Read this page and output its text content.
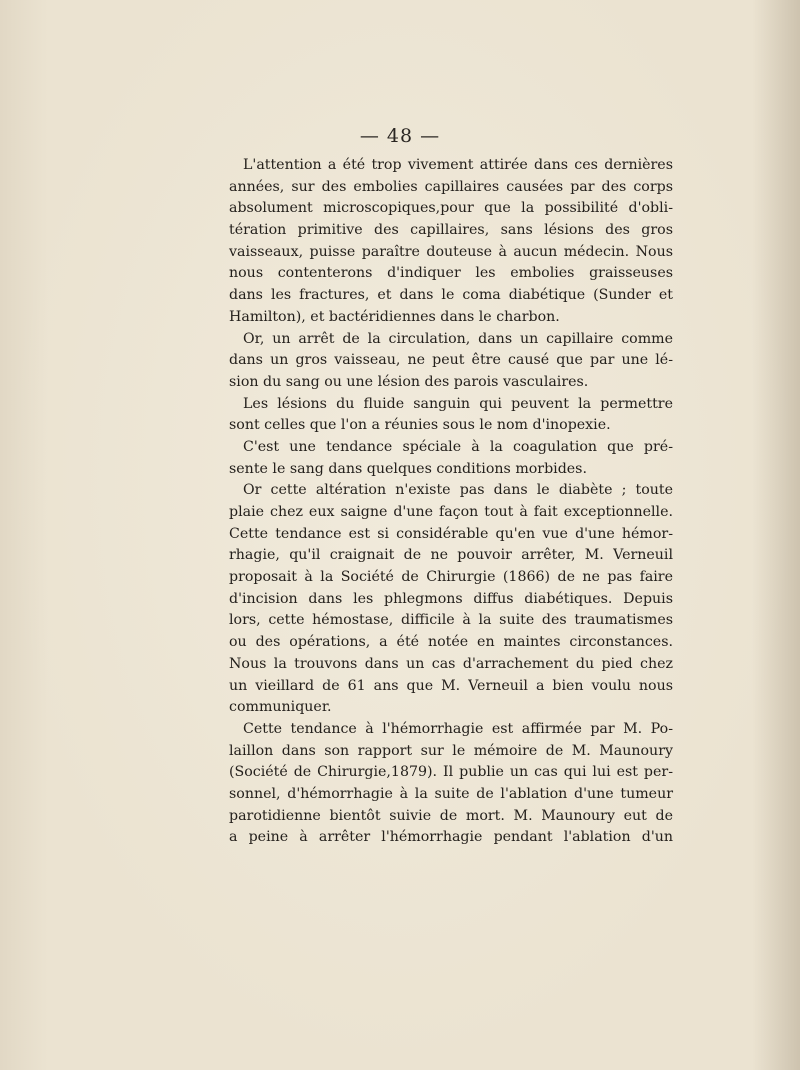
— 48 —
L'attention a été trop vivement attirée dans ces dernières
années, sur des embolies capillaires causées par des corps
absolument microscopiques,pour que la possibilité d'obli-
tération primitive des capillaires, sans lésions des gros
vaisseaux, puisse paraître douteuse à aucun médecin. Nous
nous contenterons d'indiquer les embolies graisseuses
dans les fractures, et dans le coma diabétique (Sunder et
Hamilton), et bactéridiennes dans le charbon.
Or, un arrêt de la circulation, dans un capillaire comme
dans un gros vaisseau, ne peut être causé que par une lé-
sion du sang ou une lésion des parois vasculaires.
Les lésions du fluide sanguin qui peuvent la permettre
sont celles que l'on a réunies sous le nom d'inopexie.
C'est une tendance spéciale à la coagulation que pré-
sente le sang dans quelques conditions morbides.
Or cette altération n'existe pas dans le diabète ; toute
plaie chez eux saigne d'une façon tout à fait exceptionnelle.
Cette tendance est si considérable qu'en vue d'une hémor-
rhagie, qu'il craignait de ne pouvoir arrêter, M. Verneuil
proposait à la Société de Chirurgie (1866) de ne pas faire
d'incision dans les phlegmons diffus diabétiques. Depuis
lors, cette hémostase, difficile à la suite des traumatismes
ou des opérations, a été notée en maintes circonstances.
Nous la trouvons dans un cas d'arrachement du pied chez
un vieillard de 61 ans que M. Verneuil a bien voulu nous
communiquer.
Cette tendance à l'hémorrhagie est affirmée par M. Po-
laillon dans son rapport sur le mémoire de M. Maunoury
(Société de Chirurgie,1879). Il publie un cas qui lui est per-
sonnel, d'hémorrhagie à la suite de l'ablation d'une tumeur
parotidienne bientôt suivie de mort. M. Maunoury eut de
a peine à arrêter l'hémorrhagie pendant l'ablation d'un
